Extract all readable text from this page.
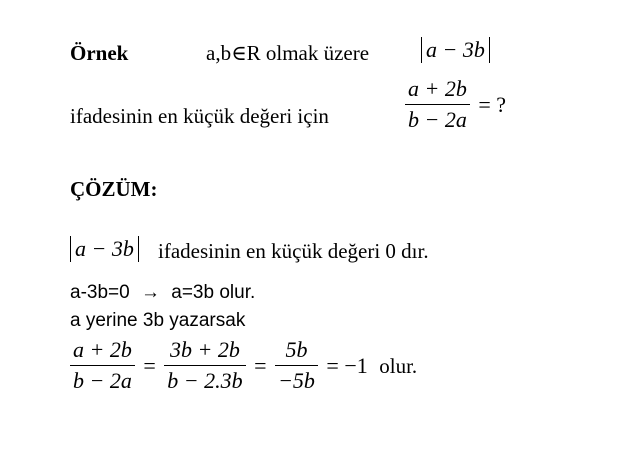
Örnek	a,b∈R olmak üzere	a − 3b
ifadesinin en küçük değeri için	$\frac{a + 2b}{b - 2a}$ = ?
ÇÖZÜM:
a − 3b ifadesinin en küçük değeri 0 dır.
a-3b=0 → a=3b olur.
a yerine 3b yazarsak
$\frac{a + 2b}{b - 2a} = \frac{3b + 2b}{b - 2.3b} = \frac{5b}{-5b} = -1$ olur.
